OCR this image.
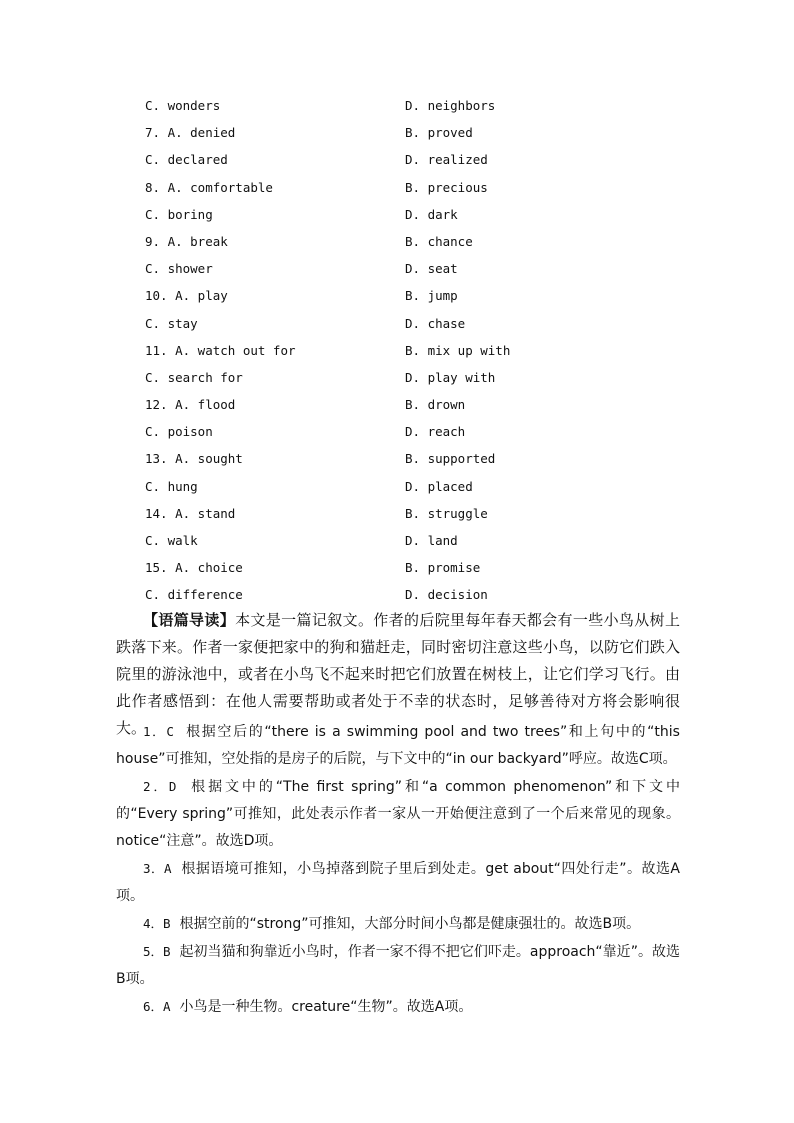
C. wonders	D. neighbors
7. A. denied	B. proved
C. declared	D. realized
8. A. comfortable	B. precious
C. boring	D. dark
9. A. break	B. chance
C. shower	D. seat
10. A. play	B. jump
C. stay	D. chase
11. A. watch out for	B. mix up with
C. search for	D. play with
12. A. flood	B. drown
C. poison	D. reach
13. A. sought	B. supported
C. hung	D. placed
14. A. stand	B. struggle
C. walk	D. land
15. A. choice	B. promise
C. difference	D. decision
【语篇导读】本文是一篇记叙文。作者的后院里每年春天都会有一些小鸟从树上跌落下来。作者一家便把家中的狗和猫赶走，同时密切注意这些小鸟，以防它们跌入院里的游泳池中，或者在小鸟飞不起来时把它们放置在树枝上，让它们学习飞行。由此作者感悟到：在他人需要帮助或者处于不幸的状态时，足够善待对方将会影响很大。

1．C 根据空后的“there is a swimming pool and two trees”和上句中的“this house”可推知，空处指的是房子的后院，与下文中的“in our backyard”呼应。故选C项。

2．D 根据文中的“The first spring”和“a common phenomenon”和下文中的“Every spring”可推知，此处表示作者一家从一开始便注意到了一个后来常见的现象。notice“注意”。故选D项。

3．A 根据语境可推知，小鸟掉落到院子里后到处走。get about“四处行走”。故选A项。

4．B 根据空前的“strong”可推知，大部分时间小鸟都是健康强壮的。故选B项。

5．B 起初当猫和狗靠近小鸟时，作者一家不得不把它们吓走。approach“靠近”。故选B项。

6．A 小鸟是一种生物。creature“生物”。故选A项。
